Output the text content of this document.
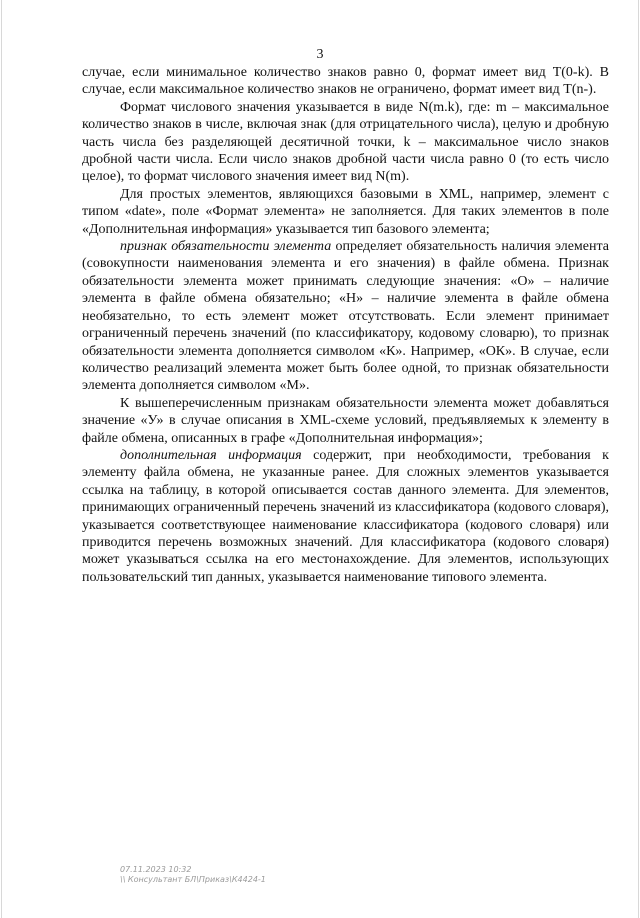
3

случае, если минимальное количество знаков равно 0, формат имеет вид T(0-k). В случае, если максимальное количество знаков не ограничено, формат имеет вид T(n-).

Формат числового значения указывается в виде N(m.k), где: m – максимальное количество знаков в числе, включая знак (для отрицательного числа), целую и дробную часть числа без разделяющей десятичной точки, k – максимальное число знаков дробной части числа. Если число знаков дробной части числа равно 0 (то есть число целое), то формат числового значения имеет вид N(m).

Для простых элементов, являющихся базовыми в XML, например, элемент с типом «date», поле «Формат элемента» не заполняется. Для таких элементов в поле «Дополнительная информация» указывается тип базового элемента;

признак обязательности элемента определяет обязательность наличия элемента (совокупности наименования элемента и его значения) в файле обмена. Признак обязательности элемента может принимать следующие значения: «О» – наличие элемента в файле обмена обязательно; «Н» – наличие элемента в файле обмена необязательно, то есть элемент может отсутствовать. Если элемент принимает ограниченный перечень значений (по классификатору, кодовому словарю), то признак обязательности элемента дополняется символом «К». Например, «ОК». В случае, если количество реализаций элемента может быть более одной, то признак обязательности элемента дополняется символом «М».

К вышеперечисленным признакам обязательности элемента может добавляться значение «У» в случае описания в XML-схеме условий, предъявляемых к элементу в файле обмена, описанных в графе «Дополнительная информация»;

дополнительная информация содержит, при необходимости, требования к элементу файла обмена, не указанные ранее. Для сложных элементов указывается ссылка на таблицу, в которой описывается состав данного элемента. Для элементов, принимающих ограниченный перечень значений из классификатора (кодового словаря), указывается соответствующее наименование классификатора (кодового словаря) или приводится перечень возможных значений. Для классификатора (кодового словаря) может указываться ссылка на его местонахождение. Для элементов, использующих пользовательский тип данных, указывается наименование типового элемента.

07.11.2023 10:32
\\ Консультант БЛ\Приказ\К4424-1
